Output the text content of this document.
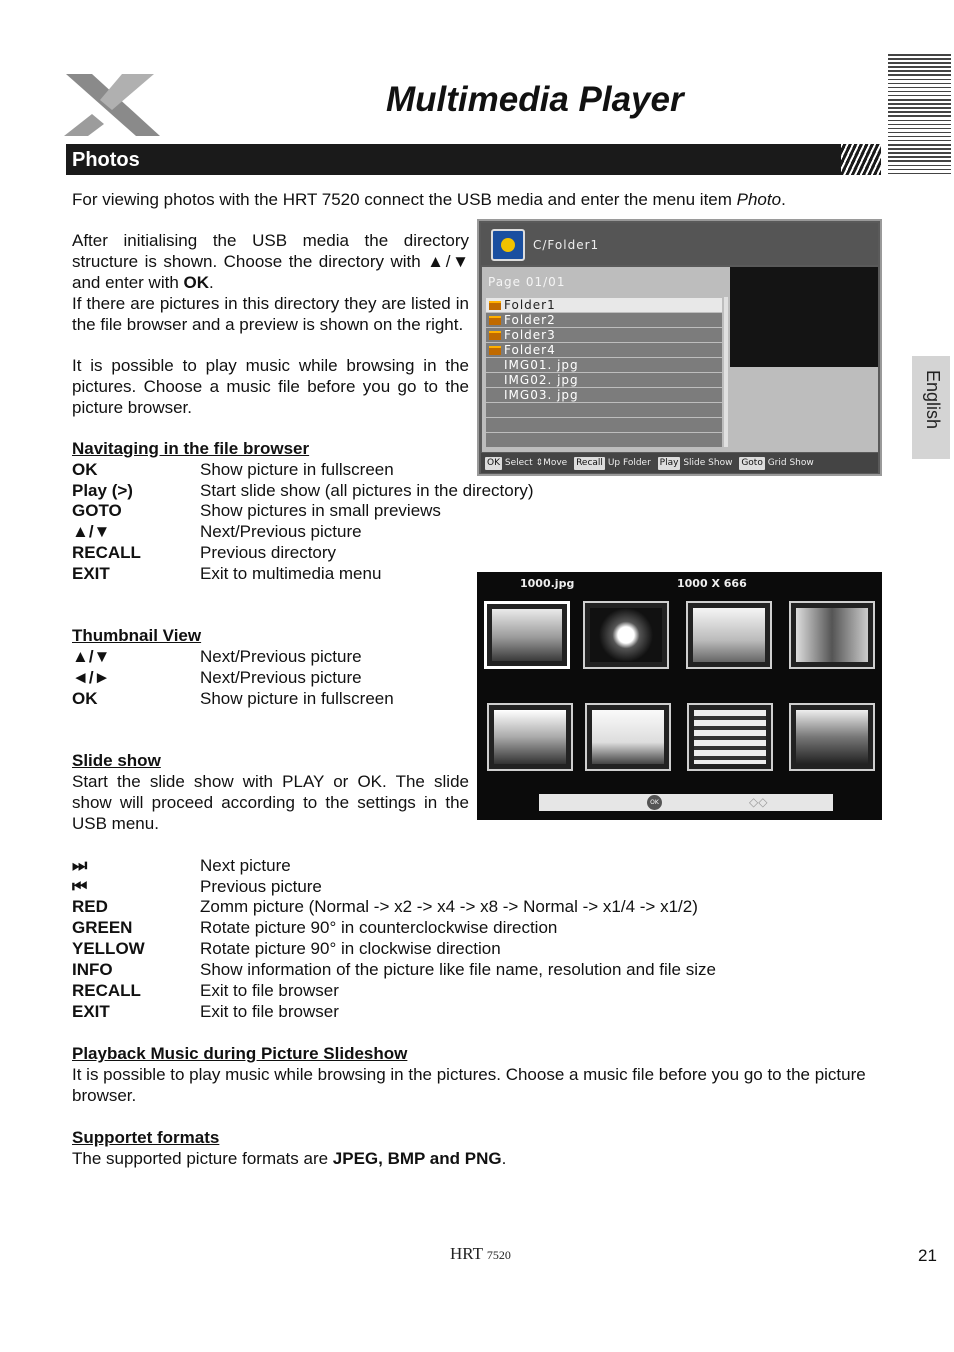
Multimedia Player
Photos
English

For viewing photos with the HRT 7520 connect the USB media and enter the menu item Photo.

After initialising the USB media the directory structure is shown. Choose the directory with ▲/▼ and enter with OK.

If there are pictures in this directory they are listed in the file browser and a preview is shown on the right.

It is possible to play music while browsing in the pictures. Choose a music file before you go to the picture browser.

Navitaging in the file browser

OK	Show picture in fullscreen
Play (>)	Start slide show (all pictures in the directory)
GOTO	Show pictures in small previews
▲/▼	Next/Previous picture
RECALL	Previous directory
EXIT	Exit to multimedia menu

Thumbnail View

▲/▼	Next/Previous picture
◄/►	Next/Previous picture
OK	Show picture in fullscreen

Slide show

Start the slide show with PLAY or OK. The slide show will proceed according to the settings in the USB menu.

⏭	Next picture
⏮	Previous picture
RED	Zomm picture (Normal -> x2 -> x4 -> x8 -> Normal -> x1/4 -> x1/2)
GREEN	Rotate picture 90° in counterclockwise direction
YELLOW	Rotate picture 90° in clockwise direction
INFO	Show information of the picture like file name, resolution and file size
RECALL	Exit to file browser
EXIT	Exit to file browser

Playback Music during Picture Slideshow

It is possible to play music while browsing in the pictures. Choose a music file before you go to the picture browser.

Supportet formats

The supported picture formats are JPEG, BMP and PNG.

C/Folder1
Page 01/01
Folder1
Folder2
Folder3
Folder4
IMG01. jpg
IMG02. jpg
IMG03. jpg
OK Select ⇕Move Recall Up Folder Play Slide Show Goto Grid Show
1000.jpg	1000 X 666
OK	◇◇
HRT 7520	21
